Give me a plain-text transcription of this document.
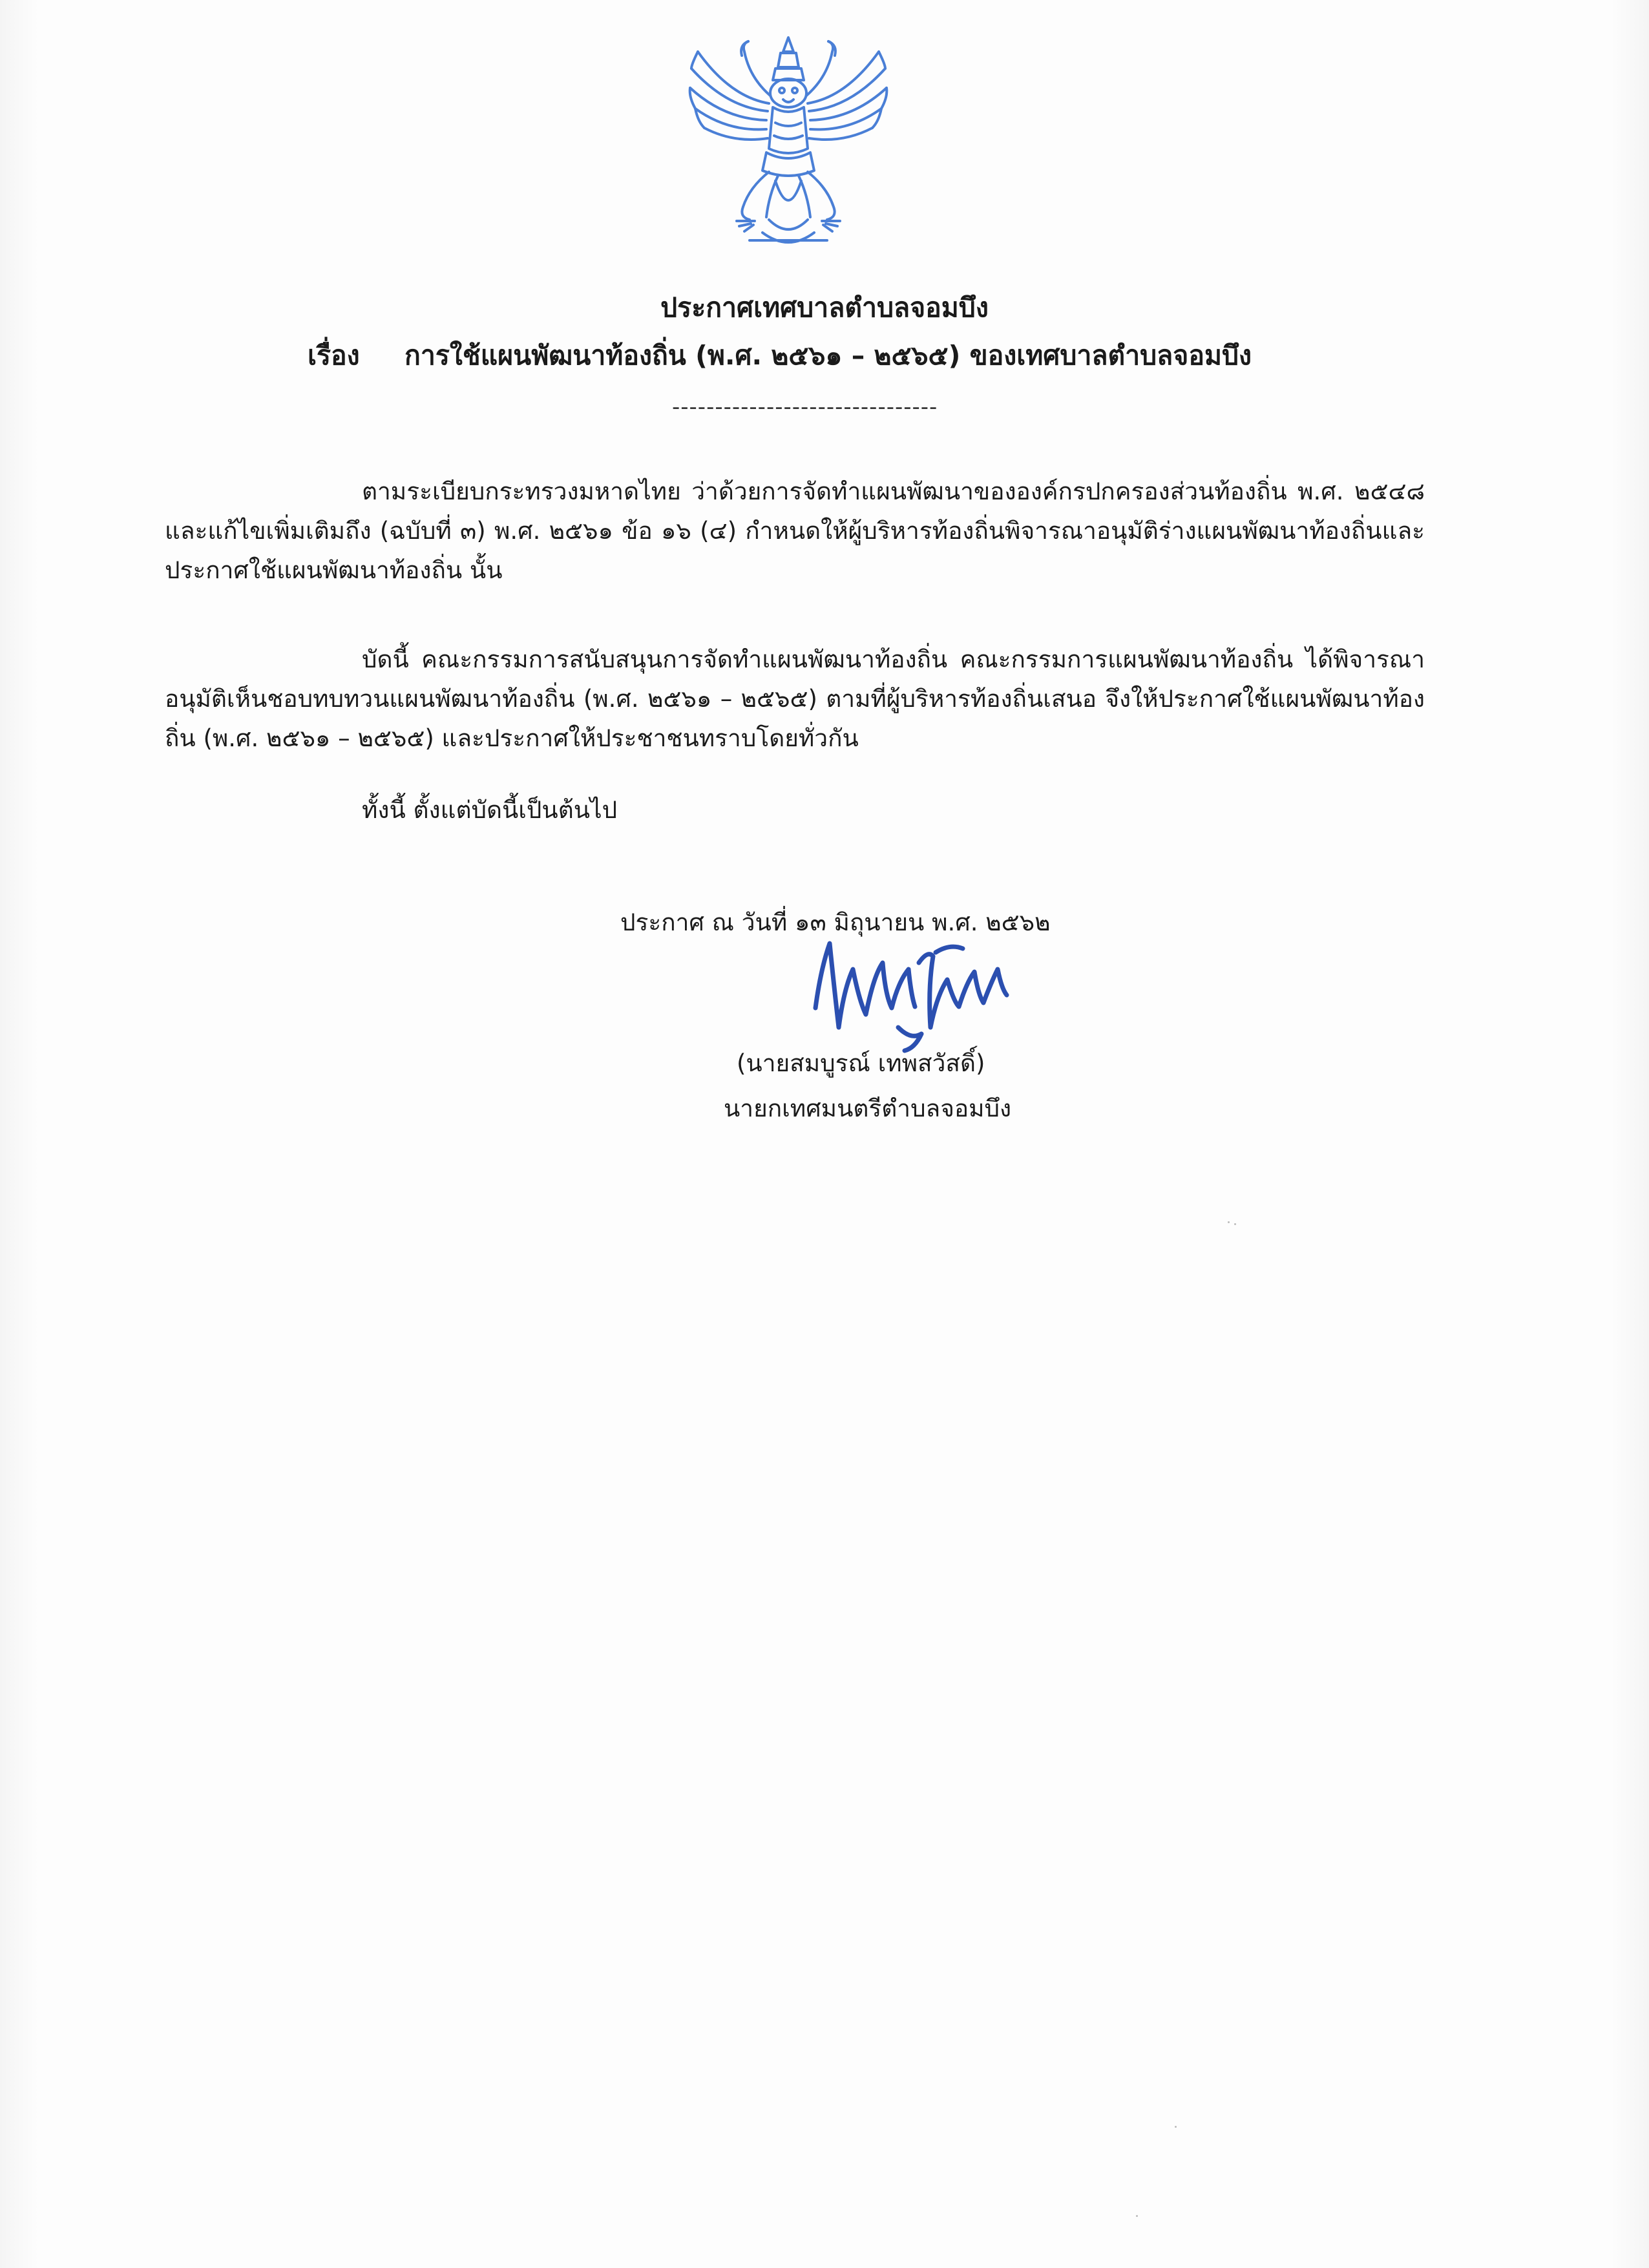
ประกาศเทศบาลตำบลจอมบึง
เรื่อง การใช้แผนพัฒนาท้องถิ่น (พ.ศ. ๒๕๖๑ – ๒๕๖๕) ของเทศบาลตำบลจอมบึง
-------------------------------
ตามระเบียบกระทรวงมหาดไทย ว่าด้วยการจัดทำแผนพัฒนาขององค์กรปกครองส่วนท้องถิ่น พ.ศ. ๒๕๔๘ และแก้ไขเพิ่มเติมถึง (ฉบับที่ ๓) พ.ศ. ๒๕๖๑ ข้อ ๑๖ (๔) กำหนดให้ผู้บริหารท้องถิ่นพิจารณาอนุมัติร่างแผนพัฒนาท้องถิ่นและประกาศใช้แผนพัฒนาท้องถิ่น นั้น
บัดนี้ คณะกรรมการสนับสนุนการจัดทำแผนพัฒนาท้องถิ่น คณะกรรมการแผนพัฒนาท้องถิ่น ได้พิจารณาอนุมัติเห็นชอบทบทวนแผนพัฒนาท้องถิ่น (พ.ศ. ๒๕๖๑ – ๒๕๖๕) ตามที่ผู้บริหารท้องถิ่นเสนอ จึงให้ประกาศใช้แผนพัฒนาท้องถิ่น (พ.ศ. ๒๕๖๑ – ๒๕๖๕) และประกาศให้ประชาชนทราบโดยทั่วกัน
ทั้งนี้ ตั้งแต่บัดนี้เป็นต้นไป
ประกาศ ณ วันที่ ๑๓ มิถุนายน พ.ศ. ๒๕๖๒
(นายสมบูรณ์ เทพสวัสดิ์)
นายกเทศมนตรีตำบลจอมบึง
